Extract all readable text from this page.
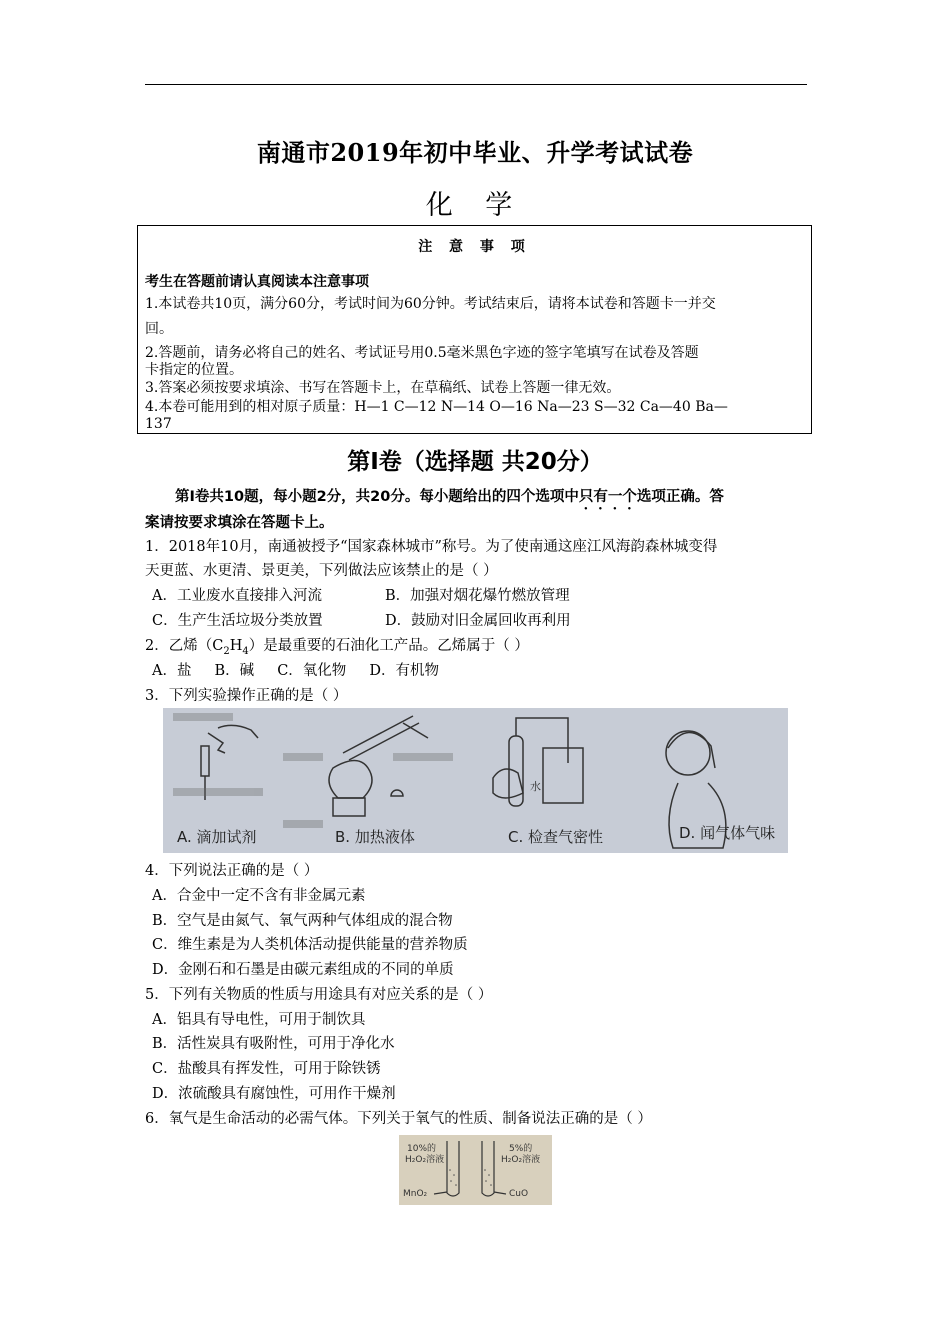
南通市2019年初中毕业、升学考试试卷
化 学
注 意 事 项
考生在答题前请认真阅读本注意事项
1.本试卷共10页，满分60分，考试时间为60分钟。考试结束后，请将本试卷和答题卡一并交
回。
2.答题前，请务必将自己的姓名、考试证号用0.5毫米黑色字迹的签字笔填写在试卷及答题
卡指定的位置。
3.答案必须按要求填涂、书写在答题卡上，在草稿纸、试卷上答题一律无效。
4.本卷可能用到的相对原子质量：H—1 C—12 N—14 O—16 Na—23 S—32 Ca—40 Ba—
137
第Ⅰ卷（选择题 共20分）
第Ⅰ卷共10题，每小题2分，共20分。每小题给出的四个选项中只有一个选项正确。答
案请按要求填涂在答题卡上。
1．2018年10月，南通被授予“国家森林城市”称号。为了使南通这座江风海韵森林城变得
天更蓝、水更清、景更美，下列做法应该禁止的是（ ）
A．工业废水直接排入河流	B．加强对烟花爆竹燃放管理
C．生产生活垃圾分类放置	D．鼓励对旧金属回收再利用
2．乙烯$(C_2H_4)$是最重要的石油化工产品。乙烯属于（ ）
A．盐     B．碱     C．氧化物     D．有机物
3．下列实验操作正确的是（ ）
A. 滴加试剂	B. 加热液体	C. 检查气密性	D. 闻气体气味
水
4．下列说法正确的是（ ）
A．合金中一定不含有非金属元素
B．空气是由氮气、氧气两种气体组成的混合物
C．维生素是为人类机体活动提供能量的营养物质
D．金刚石和石墨是由碳元素组成的不同的单质
5．下列有关物质的性质与用途具有对应关系的是（ ）
A．铝具有导电性，可用于制饮具
B．活性炭具有吸附性，可用于净化水
C．盐酸具有挥发性，可用于除铁锈
D．浓硫酸具有腐蚀性，可用作干燥剂
6．氧气是生命活动的必需气体。下列关于氧气的性质、制备说法正确的是（ ）
10%的
H₂O₂溶液
MnO₂
5%的
H₂O₂溶液
CuO
